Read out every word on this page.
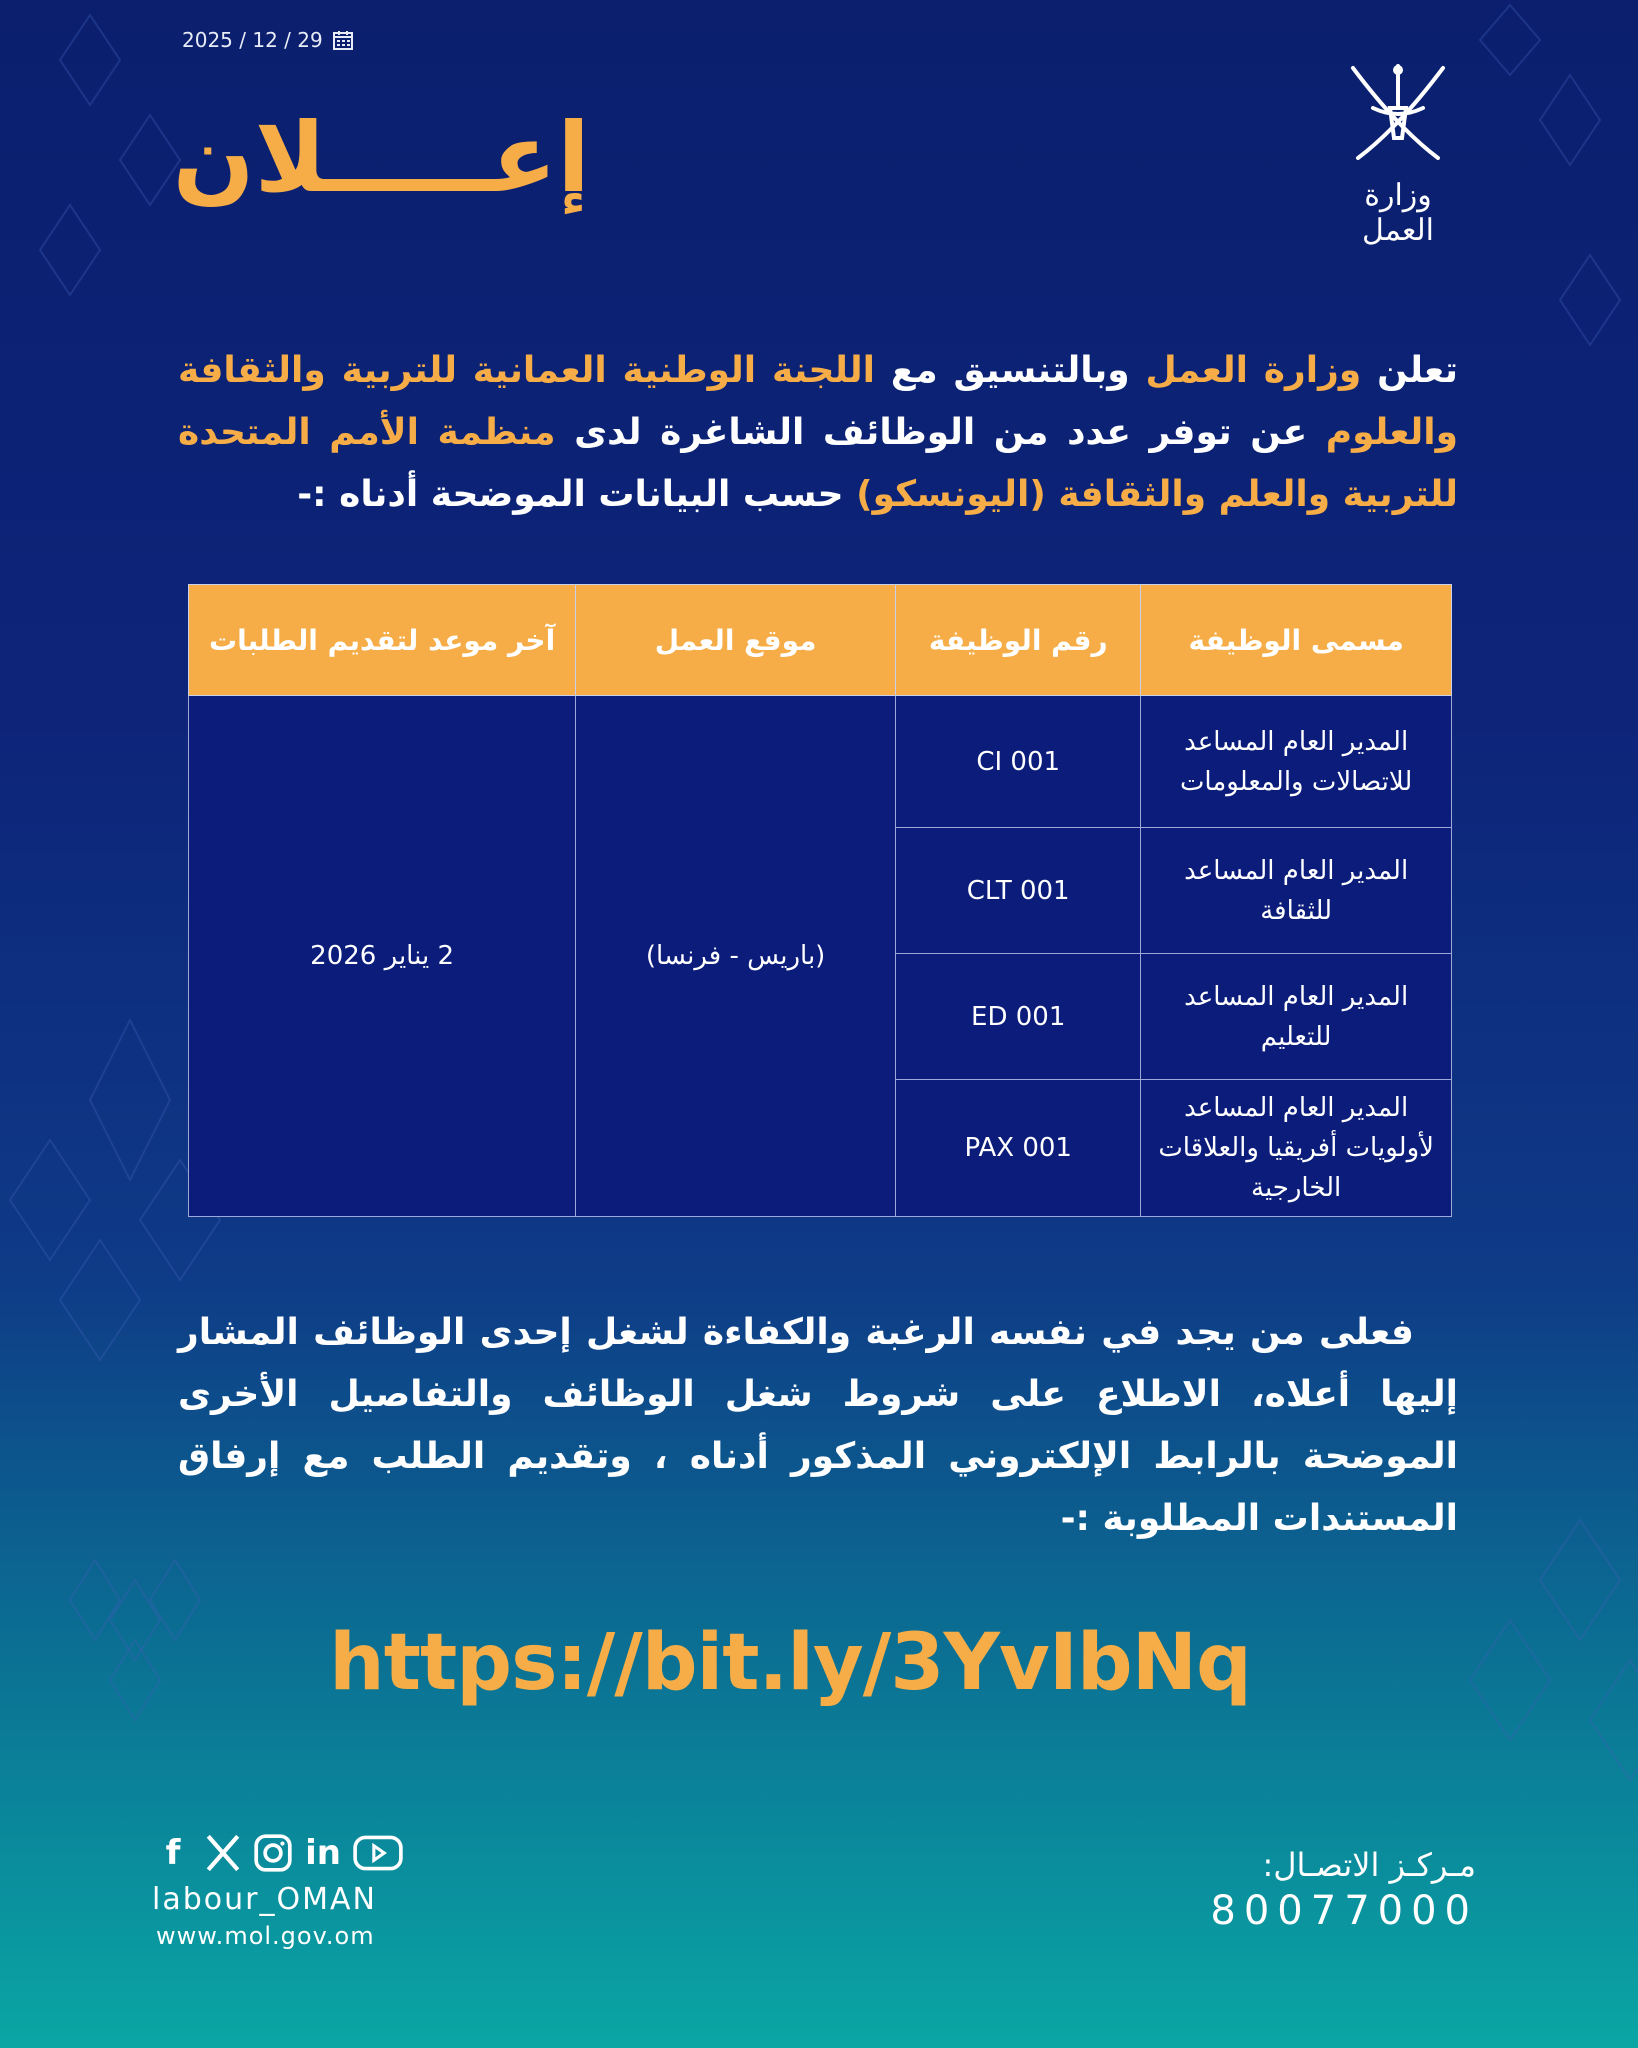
2025 / 12 / 29
إعـــــلان	وزارة العمل
تعلن وزارة العمل وبالتنسيق مع اللجنة الوطنية العمانية للتربية والثقافة والعلوم عن توفر عدد من الوظائف الشاغرة لدى منظمة الأمم المتحدة للتربية والعلم والثقافة (اليونسكو) حسب البيانات الموضحة أدناه :-
مسمى الوظيفة	رقم الوظيفة	موقع العمل	آخر موعد لتقديم الطلبات
المدير العام المساعد للاتصالات والمعلومات	CI 001	(باريس - فرنسا)	2 يناير 2026
المدير العام المساعد للثقافة	CLT 001		
المدير العام المساعد للتعليم	ED 001		
المدير العام المساعد لأولويات أفريقيا والعلاقات الخارجية	PAX 001		
فعلى من يجد في نفسه الرغبة والكفاءة لشغل إحدى الوظائف المشار إليها أعلاه، الاطلاع على شروط شغل الوظائف والتفاصيل الأخرى الموضحة بالرابط الإلكتروني المذكور أدناه ، وتقديم الطلب مع إرفاق المستندات المطلوبة :-
https://bit.ly/3YvIbNq
f	in
labour_OMAN
www.mol.gov.om
مـركـز الاتصـال:
80077000
